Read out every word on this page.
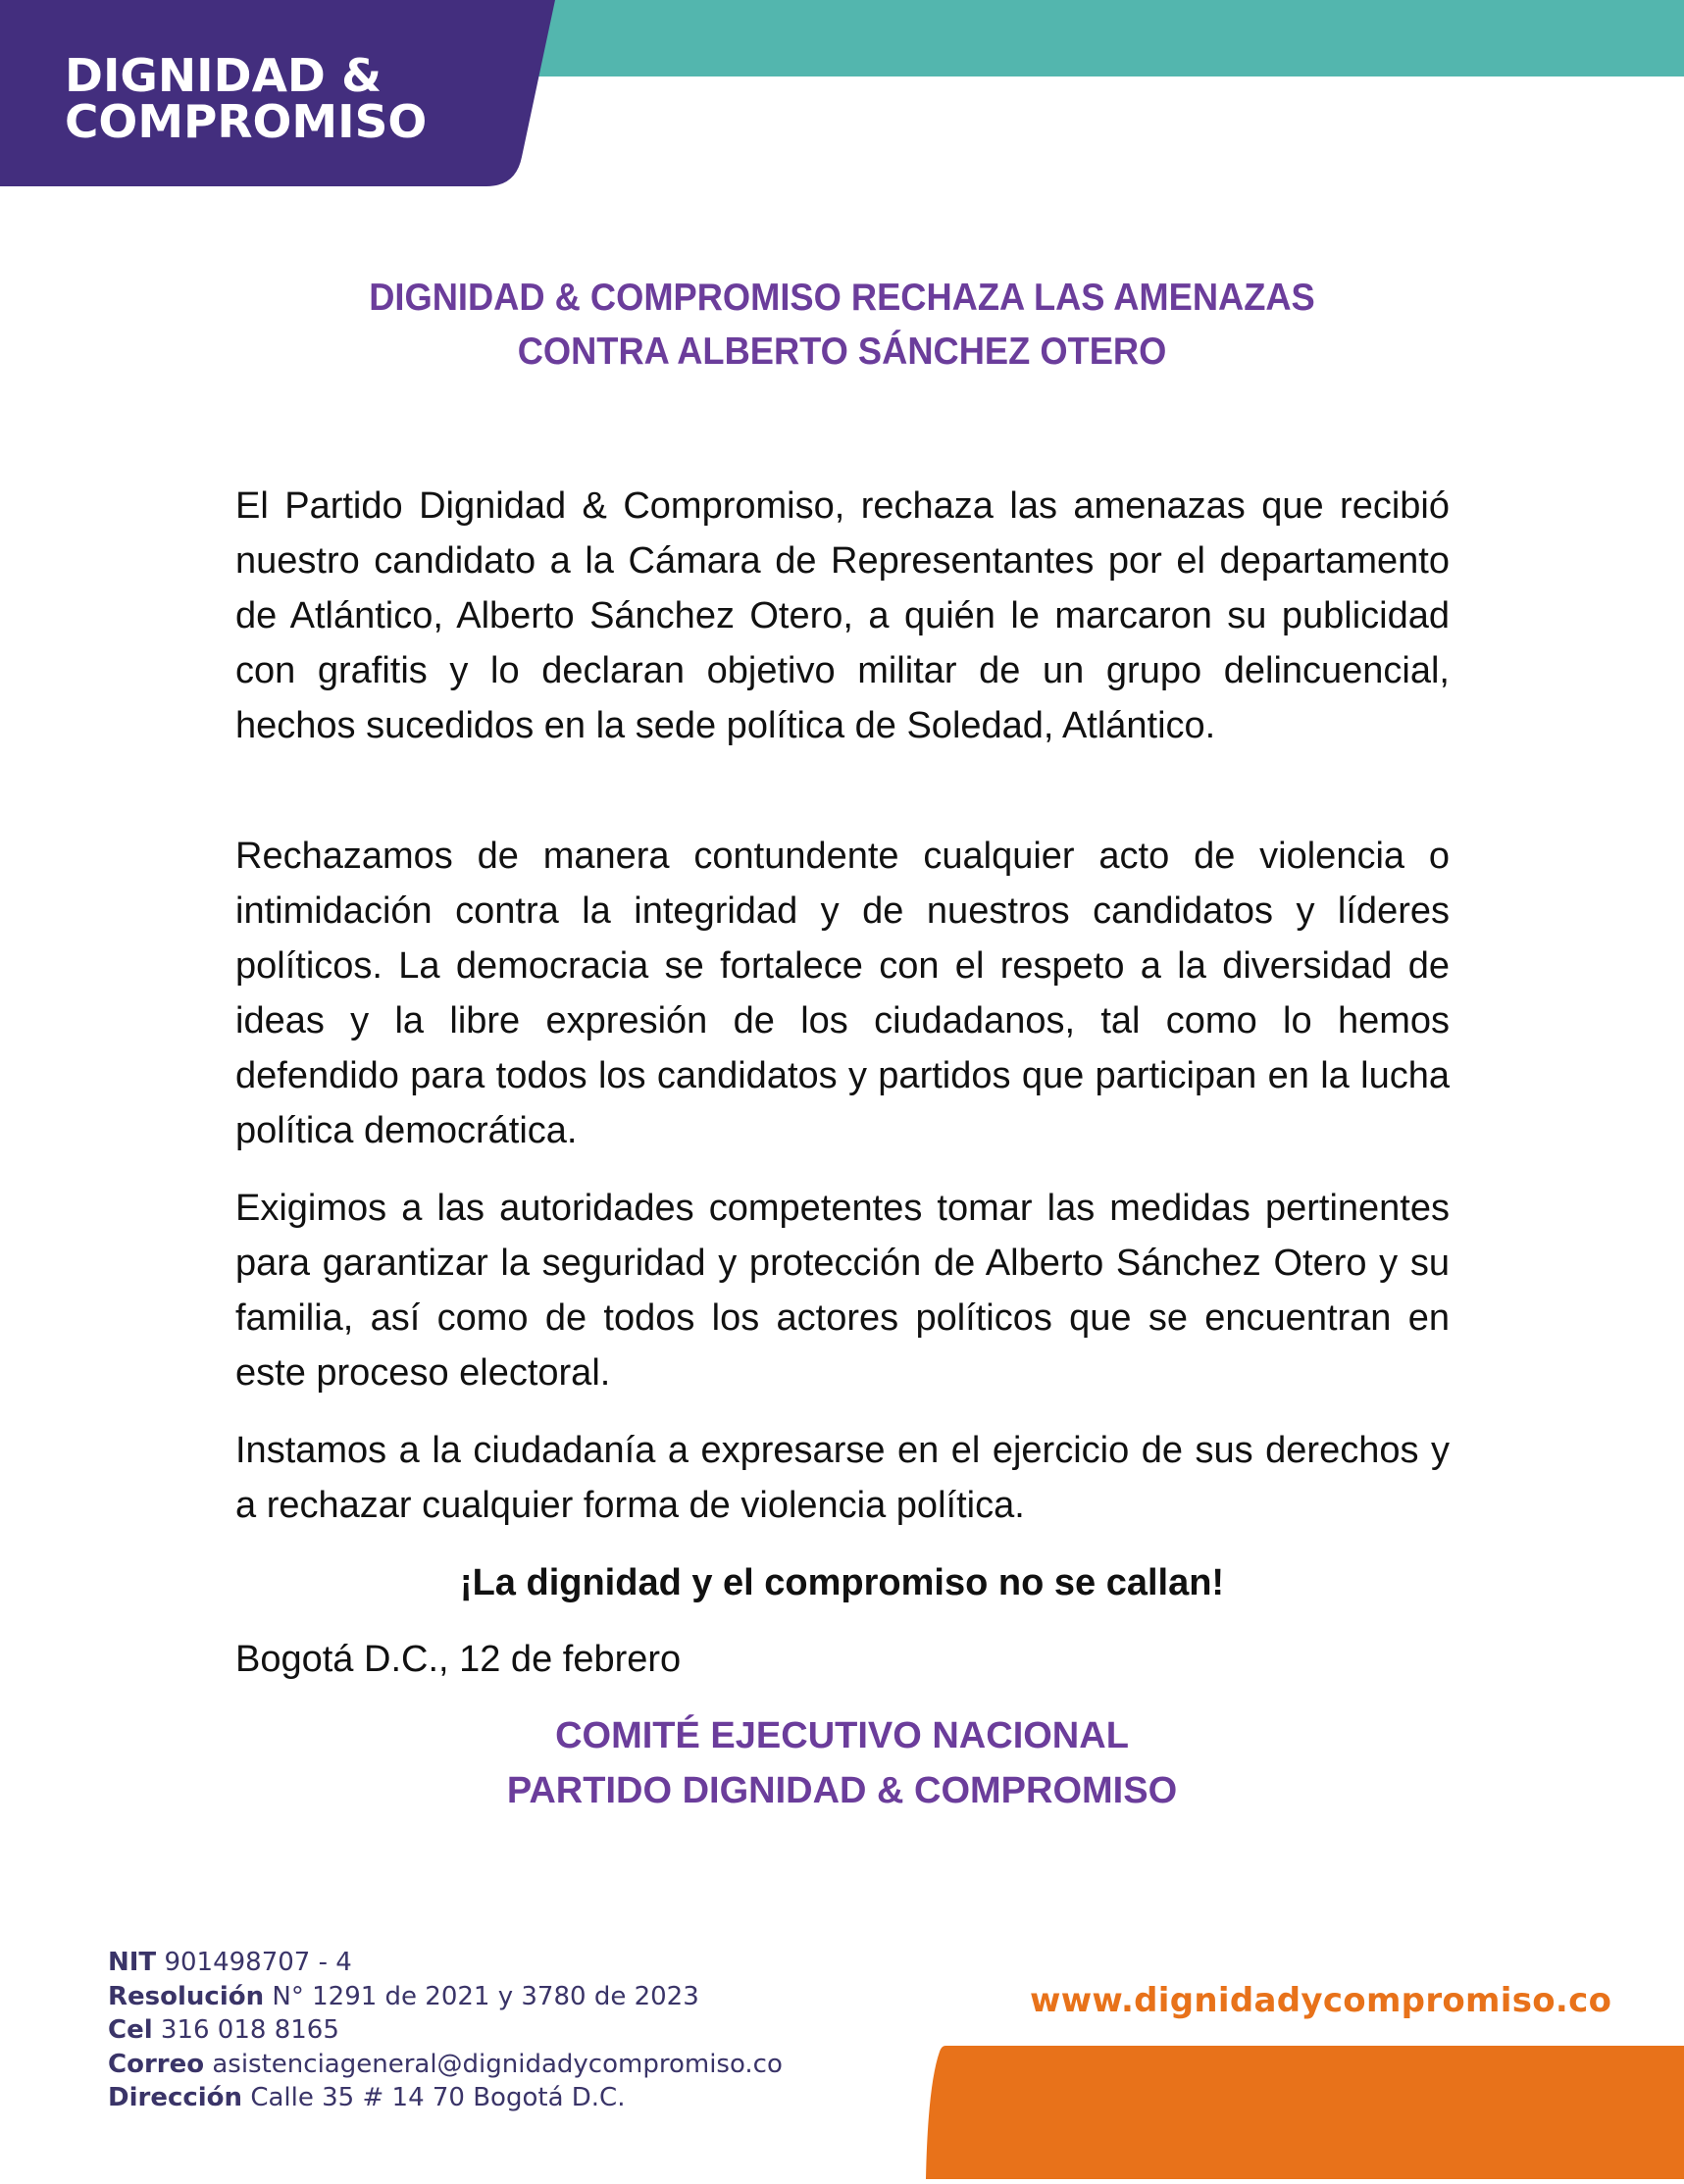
DIGNIDAD &
COMPROMISO
DIGNIDAD & COMPROMISO RECHAZA LAS AMENAZAS
CONTRA ALBERTO SÁNCHEZ OTERO

El Partido Dignidad & Compromiso, rechaza las amenazas que recibió nuestro candidato a la Cámara de Representantes por el departamento de Atlántico, Alberto Sánchez Otero, a quién le marcaron su publicidad con grafitis y lo declaran objetivo militar de un grupo delincuencial, hechos sucedidos en la sede política de Soledad, Atlántico.

Rechazamos de manera contundente cualquier acto de violencia o intimidación contra la integridad y de nuestros candidatos y líderes políticos. La democracia se fortalece con el respeto a la diversidad de ideas y la libre expresión de los ciudadanos, tal como lo hemos defendido para todos los candidatos y partidos que participan en la lucha política democrática.

Exigimos a las autoridades competentes tomar las medidas pertinentes para garantizar la seguridad y protección de Alberto Sánchez Otero y su familia, así como de todos los actores políticos que se encuentran en este proceso electoral.

Instamos a la ciudadanía a expresarse en el ejercicio de sus derechos y a rechazar cualquier forma de violencia política.

¡La dignidad y el compromiso no se callan!
Bogotá D.C., 12 de febrero
COMITÉ EJECUTIVO NACIONAL
PARTIDO DIGNIDAD & COMPROMISO
NIT 901498707 - 4
Resolución N° 1291 de 2021 y 3780 de 2023
Cel 316 018 8165
Correo asistenciageneral@dignidadycompromiso.co
Dirección Calle 35 # 14 70 Bogotá D.C.
www.dignidadycompromiso.co
